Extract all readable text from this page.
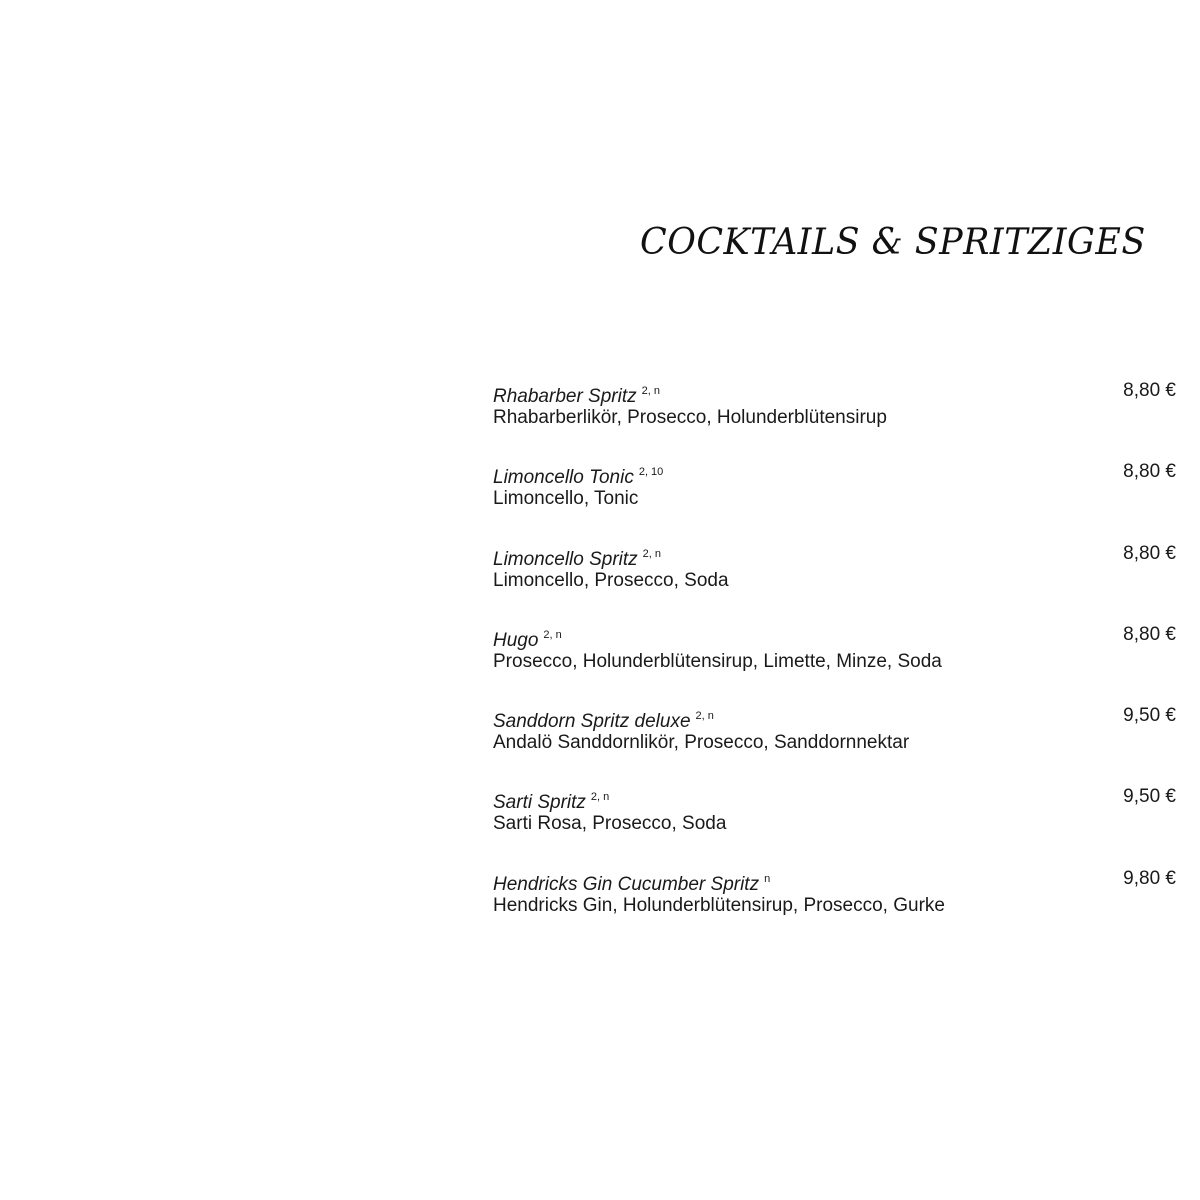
COCKTAILS & SPRITZIGES
Rhabarber Spritz $^{2, n}$
Rhabarberlikör, Prosecco, Holunderblütensirup
8,80 €
Limoncello Tonic $^{2, 10}$
Limoncello, Tonic
8,80 €
Limoncello Spritz $^{2, n}$
Limoncello, Prosecco, Soda
8,80 €
Hugo $^{2, n}$
Prosecco, Holunderblütensirup, Limette, Minze, Soda
8,80 €
Sanddorn Spritz deluxe $^{2, n}$
Andalö Sanddornlikör, Prosecco, Sanddornnektar
9,50 €
Sarti Spritz $^{2, n}$
Sarti Rosa, Prosecco, Soda
9,50 €
Hendricks Gin Cucumber Spritz $^n$
Hendricks Gin, Holunderblütensirup, Prosecco, Gurke
9,80 €
